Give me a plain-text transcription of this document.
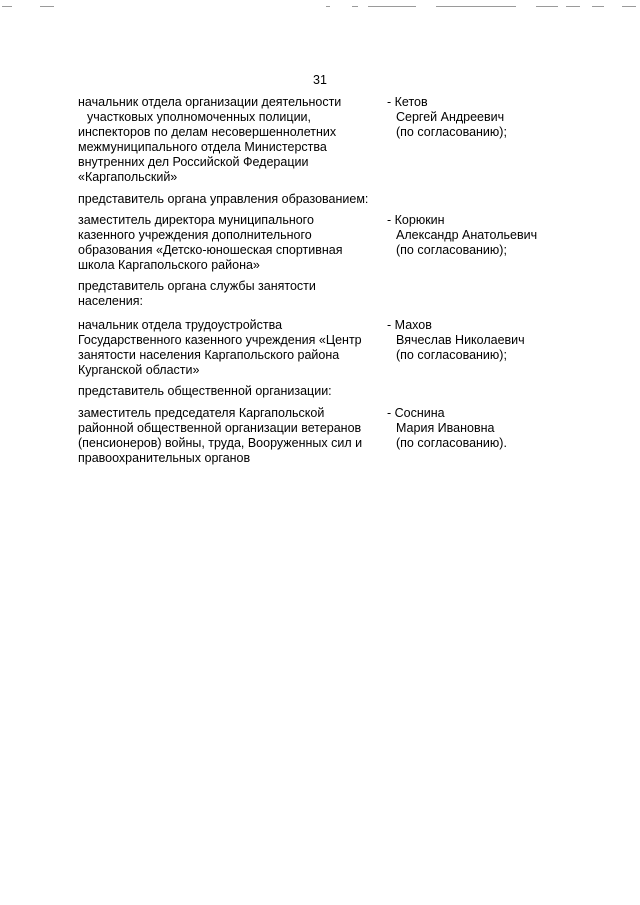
31
начальник отдела организации деятельности
участковых уполномоченных полиции,
инспекторов по делам несовершеннолетних
межмуниципального отдела Министерства
внутренних дел Российской Федерации
«Каргапольский»
- Кетов
Сергей Андреевич
(по согласованию);
представитель органа управления образованием:
заместитель директора муниципального
казенного учреждения дополнительного
образования «Детско-юношеская спортивная
школа Каргапольского района»
- Корюкин
Александр Анатольевич
(по согласованию);
представитель органа службы занятости
населения:
начальник отдела трудоустройства
Государственного казенного учреждения «Центр
занятости населения Каргапольского района
Курганской области»
- Махов
Вячеслав Николаевич
(по согласованию);
представитель общественной организации:
заместитель председателя Каргапольской
районной общественной организации ветеранов
(пенсионеров) войны, труда, Вооруженных сил и
правоохранительных органов
- Соснина
Мария Ивановна
(по согласованию).
